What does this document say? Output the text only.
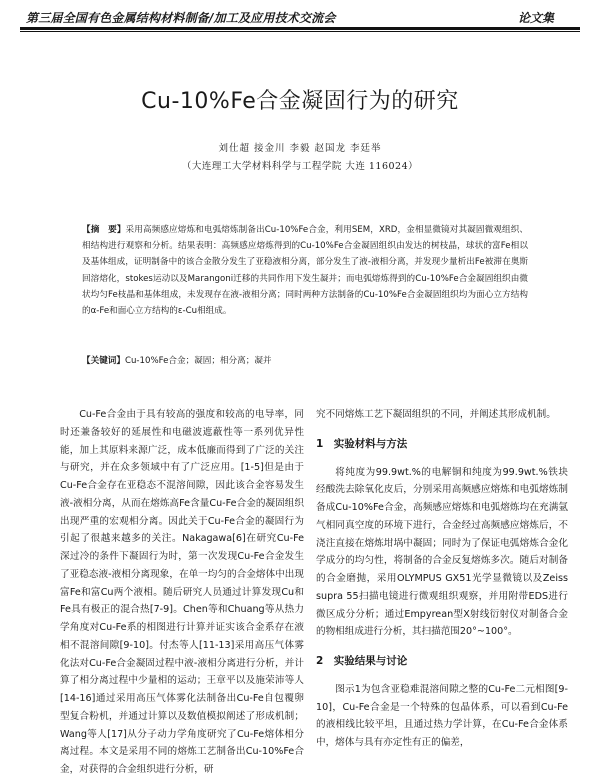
第三届全国有色金属结构材料制备/加工及应用技术交流会	论文集
Cu-10%Fe合金凝固行为的研究
刘仕超 接金川 李毅 赵国龙 李廷举
（大连理工大学材料科学与工程学院 大连 116024）
【摘　要】采用高频感应熔炼和电弧熔炼制备出Cu-10%Fe合金，利用SEM，XRD，金相显微镜对其凝固微观组织、相结构进行观察和分析。结果表明：高频感应熔炼得到的Cu-10%Fe合金凝固组织由发达的树枝晶，球状的富Fe相以及基体组成，证明制备中的该合金散分发生了亚稳液相分离，部分发生了液-液相分离，并发现少量析出Fe被滞在奥斯回溶熔化，stokes运动以及Marangoni迁移的共同作用下发生凝并；而电弧熔炼得到的Cu-10%Fe合金凝固组织由微状均匀Fe枝晶和基体组成，未发现存在液-液相分离；同时两种方法制备的Cu-10%Fe合金凝固组织均为面心立方结构的α-Fe和面心立方结构的ε-Cu相组成。
【关键词】Cu-10%Fe合金；凝固；相分离；凝并

Cu-Fe合金由于具有较高的强度和较高的电导率，同时还兼备较好的延展性和电磁波遮蔽性等一系列优异性能，加上其原料来源广泛，成本低廉而得到了广泛的关注与研究，并在众多领域中有了广泛应用。[1-5]但是由于Cu-Fe合金存在亚稳态不混溶间隙，因此该合金容易发生液-液相分离，从而在熔炼高Fe含量Cu-Fe合金的凝固组织出现严重的宏观相分离。因此关于Cu-Fe合金的凝固行为引起了很越来越多的关注。Nakagawa[6]在研究Cu-Fe深过冷的条件下凝固行为时，第一次发现Cu-Fe合金发生了亚稳态液-液相分离现象，在单一均匀的合金熔体中出现富Fe和富Cu两个液相。随后研究人员通过计算发现Cu和Fe具有极正的混合热[7-9]。Chen等和Chuang等从热力学角度对Cu-Fe系的相图进行计算并证实该合金系存在液相不混溶间隙[9-10]。付杰等人[11-13]采用高压气体雾化法对Cu-Fe合金凝固过程中液-液相分离进行分析，并计算了相分离过程中少量相的运动；王章平以及施荣沛等人[14-16]通过采用高压气体雾化法制备出Cu-Fe自包覆卵型复合粉机，并通过计算以及数值模拟阐述了形成机制；Wang等人[17]从分子动力学角度研究了Cu-Fe熔体相分离过程。本文是采用不同的熔炼工艺制备出Cu-10%Fe合金，对获得的合金组织进行分析，研

究不同熔炼工艺下凝固组织的不同，并阐述其形成机制。

1　实验材料与方法

将纯度为99.9wt.%的电解铜和纯度为99.9wt.%铁块经酸洗去除氧化皮后，分别采用高频感应熔炼和电弧熔炼制备成Cu-10%Fe合金，高频感应熔炼和电弧熔炼均在充满氩气相同真空度的环境下进行，合金经过高频感应熔炼后，不浇注直接在熔炼坩埚中凝固；同时为了保证电弧熔炼合金化学成分的均匀性，将制备的合金反复熔炼多次。随后对制备的合金磨抛，采用OLYMPUS GX51光学显微镜以及Zeiss supra 55扫描电镜进行微观组织观察，并用附带EDS进行微区成分分析；通过Empyrean型X射线衍射仪对制备合金的物相组成进行分析，其扫描范围20°~100°。

2　实验结果与讨论

图示1为包含亚稳难混溶间隙之整的Cu-Fe二元相图[9-10]，Cu-Fe合金是一个特殊的包晶体系，可以看到Cu-Fe的液相线比较平坦，且通过热力学计算，在Cu-Fe合金体系中，熔体与具有亦定性有正的偏差，
